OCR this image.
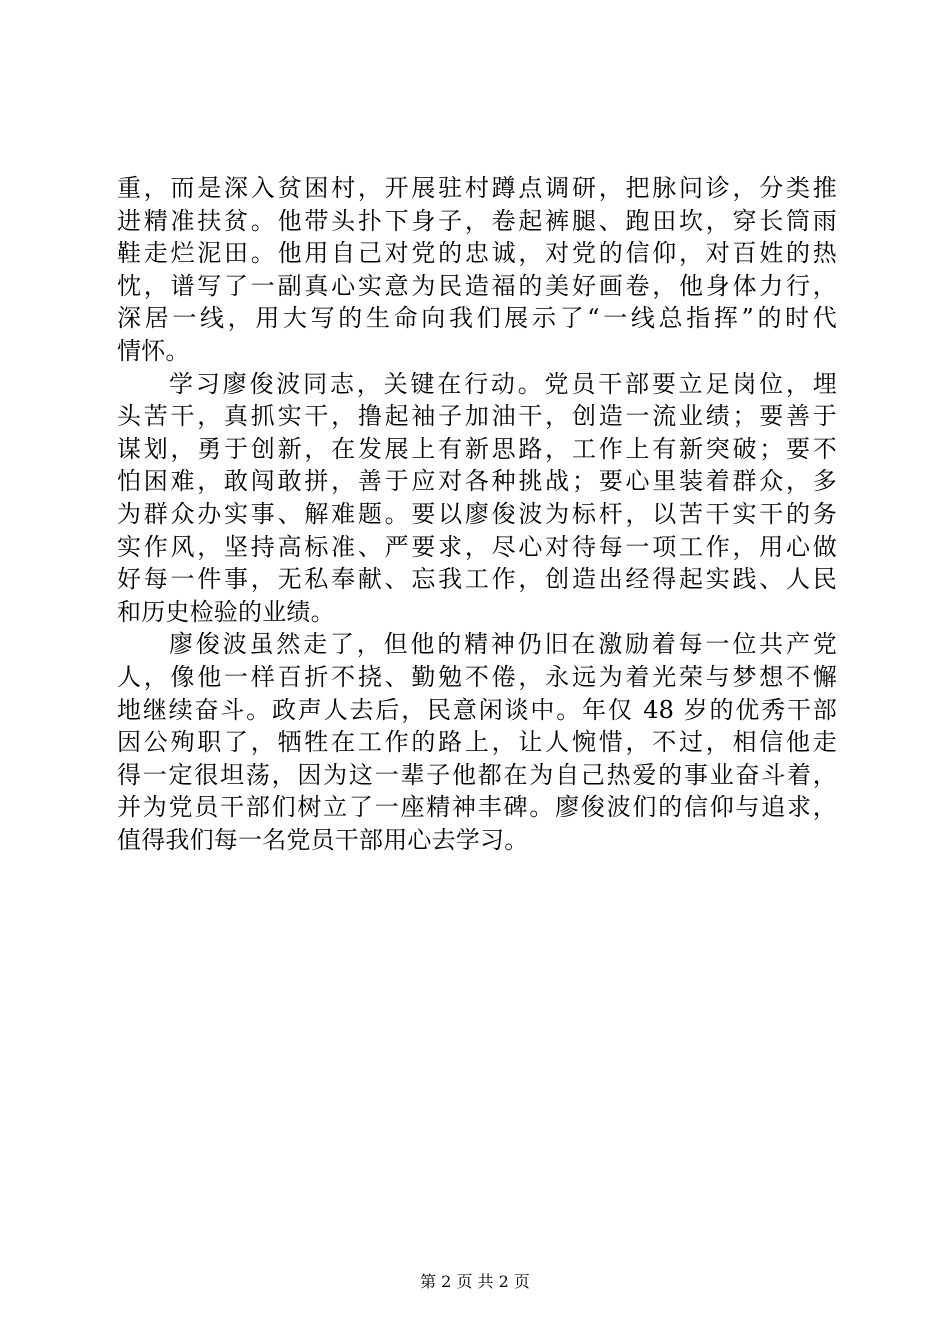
重，而是深入贫困村，开展驻村蹲点调研，把脉问诊，分类推
进精准扶贫。他带头扑下身子，卷起裤腿、跑田坎，穿长筒雨
鞋走烂泥田。他用自己对党的忠诚，对党的信仰，对百姓的热
忱，谱写了一副真心实意为民造福的美好画卷，他身体力行，
深居一线，用大写的生命向我们展示了“一线总指挥”的时代
情怀。

学习廖俊波同志，关键在行动。党员干部要立足岗位，埋
头苦干，真抓实干，撸起袖子加油干，创造一流业绩；要善于
谋划，勇于创新，在发展上有新思路，工作上有新突破；要不
怕困难，敢闯敢拼，善于应对各种挑战；要心里装着群众，多
为群众办实事、解难题。要以廖俊波为标杆，以苦干实干的务
实作风，坚持高标准、严要求，尽心对待每一项工作，用心做
好每一件事，无私奉献、忘我工作，创造出经得起实践、人民
和历史检验的业绩。

廖俊波虽然走了，但他的精神仍旧在激励着每一位共产党
人，像他一样百折不挠、勤勉不倦，永远为着光荣与梦想不懈
地继续奋斗。政声人去后，民意闲谈中。年仅 48 岁的优秀干部
因公殉职了，牺牲在工作的路上，让人惋惜，不过，相信他走
得一定很坦荡，因为这一辈子他都在为自己热爱的事业奋斗着，
并为党员干部们树立了一座精神丰碑。廖俊波们的信仰与追求，
值得我们每一名党员干部用心去学习。

第 2 页 共 2 页
